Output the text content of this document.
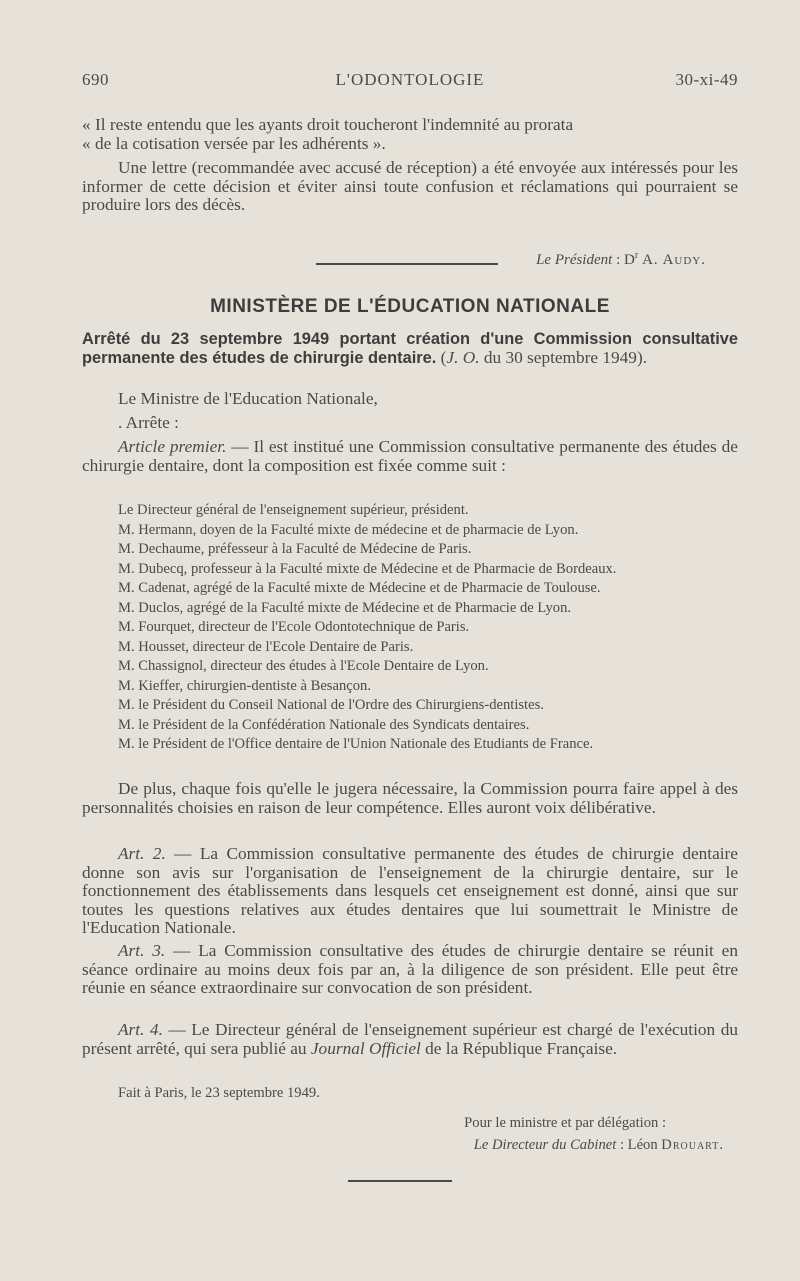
690	L'ODONTOLOGIE	30-xi-49

« Il reste entendu que les ayants droit toucheront l'indemnité au prorata

« de la cotisation versée par les adhérents ».

Une lettre (recommandée avec accusé de réception) a été envoyée aux intéressés pour les informer de cette décision et éviter ainsi toute confusion et réclamations qui pourraient se produire lors des décès.

Le Président : $D^r$ A. Audy.
MINISTÈRE DE L'ÉDUCATION NATIONALE

Arrêté du 23 septembre 1949 portant création d'une Commission consultative permanente des études de chirurgie dentaire. (J. O. du 30 septembre 1949).

Le Ministre de l'Education Nationale,

. Arrête :

Article premier. — Il est institué une Commission consultative permanente des études de chirurgie dentaire, dont la composition est fixée comme suit :

Le Directeur général de l'enseignement supérieur, président.

M. Hermann, doyen de la Faculté mixte de médecine et de pharmacie de Lyon.

M. Dechaume, préfesseur à la Faculté de Médecine de Paris.

M. Dubecq, professeur à la Faculté mixte de Médecine et de Pharmacie de Bordeaux.

M. Cadenat, agrégé de la Faculté mixte de Médecine et de Pharmacie de Toulouse.

M. Duclos, agrégé de la Faculté mixte de Médecine et de Pharmacie de Lyon.

M. Fourquet, directeur de l'Ecole Odontotechnique de Paris.

M. Housset, directeur de l'Ecole Dentaire de Paris.

M. Chassignol, directeur des études à l'Ecole Dentaire de Lyon.

M. Kieffer, chirurgien-dentiste à Besançon.

M. le Président du Conseil National de l'Ordre des Chirurgiens-dentistes.

M. le Président de la Confédération Nationale des Syndicats dentaires.

M. le Président de l'Office dentaire de l'Union Nationale des Etudiants de France.

De plus, chaque fois qu'elle le jugera nécessaire, la Commission pourra faire appel à des personnalités choisies en raison de leur compétence. Elles auront voix délibérative.

Art. 2. — La Commission consultative permanente des études de chirurgie dentaire donne son avis sur l'organisation de l'enseignement de la chirurgie dentaire, sur le fonctionnement des établissements dans lesquels cet enseignement est donné, ainsi que sur toutes les questions relatives aux études dentaires que lui soumettrait le Ministre de l'Education Nationale.

Art. 3. — La Commission consultative des études de chirurgie dentaire se réunit en séance ordinaire au moins deux fois par an, à la diligence de son président. Elle peut être réunie en séance extraordinaire sur convocation de son président.

Art. 4. — Le Directeur général de l'enseignement supérieur est chargé de l'exécution du présent arrêté, qui sera publié au Journal Officiel de la République Française.

Fait à Paris, le 23 septembre 1949.

Pour le ministre et par délégation :

Le Directeur du Cabinet : Léon Drouart.
